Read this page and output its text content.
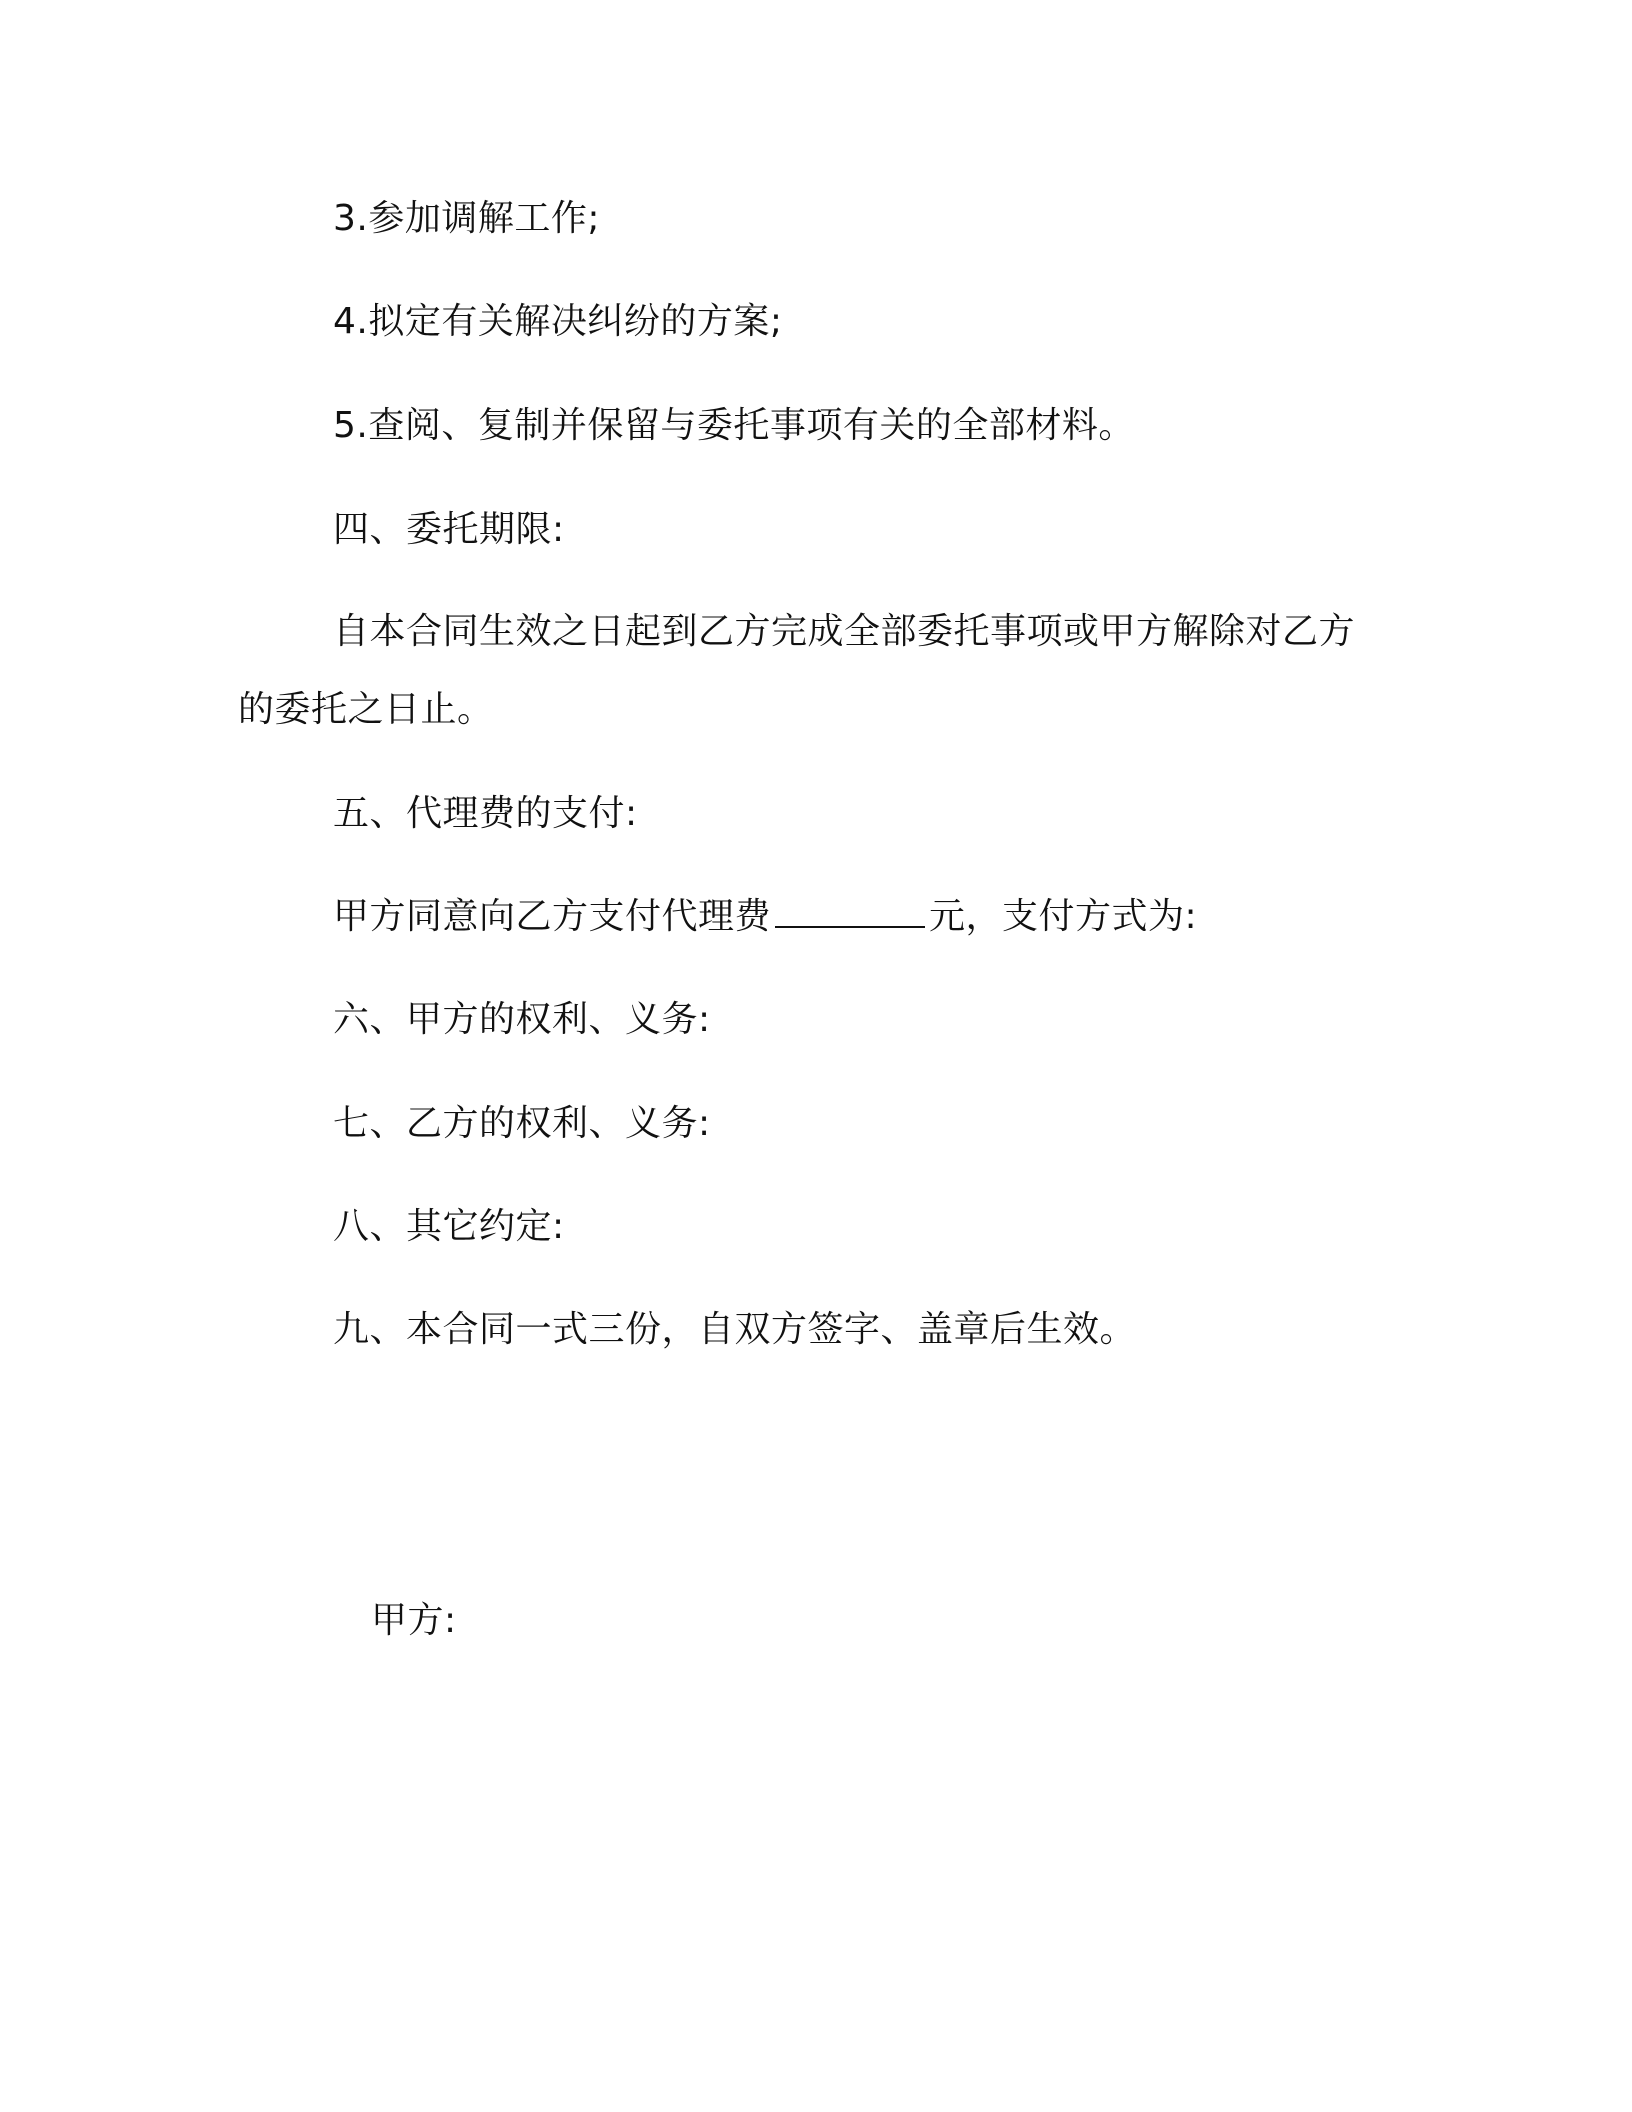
3.参加调解工作;
4.拟定有关解决纠纷的方案;
5.查阅、复制并保留与委托事项有关的全部材料。
四、委托期限:
自本合同生效之日起到乙方完成全部委托事项或甲方解除对乙方
的委托之日止。
五、代理费的支付:
甲方同意向乙方支付代理费	元，支付方式为:
六、甲方的权利、义务:
七、乙方的权利、义务:
八、其它约定:
九、本合同一式三份，自双方签字、盖章后生效。
甲方:
